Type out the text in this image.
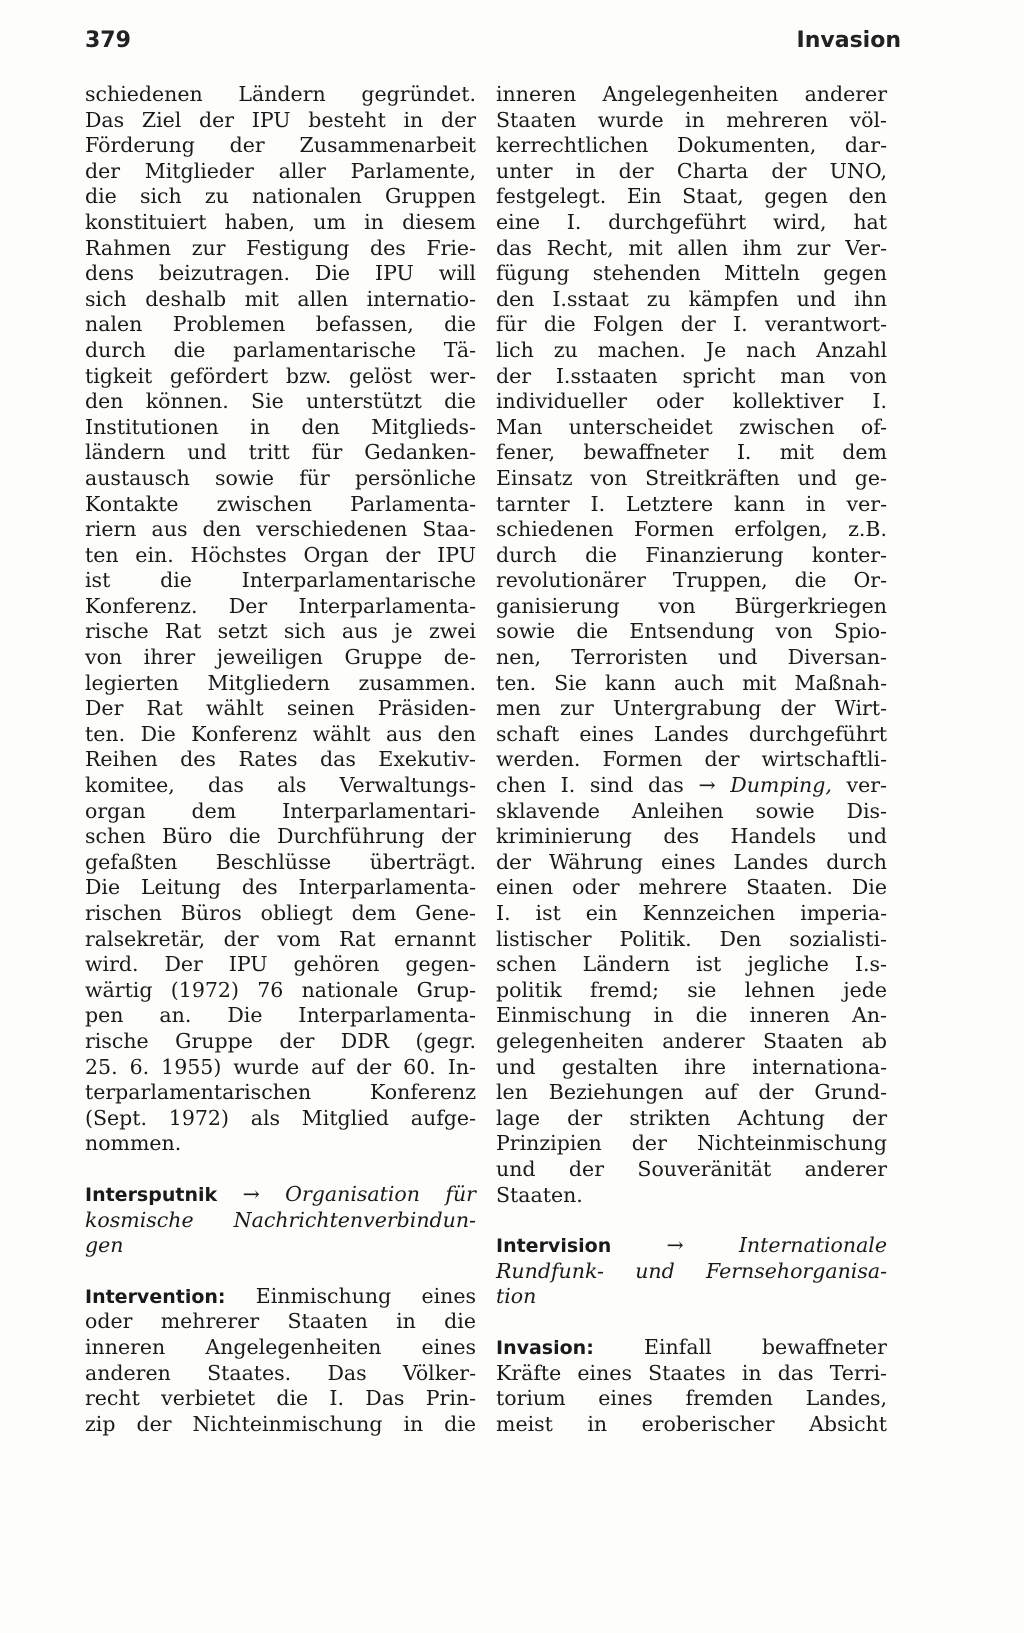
379	Invasion
schiedenen Ländern gegründet.
Das Ziel der IPU besteht in der
Förderung der Zusammenarbeit
der Mitglieder aller Parlamente,
die sich zu nationalen Gruppen
konstituiert haben, um in diesem
Rahmen zur Festigung des Frie-
dens beizutragen. Die IPU will
sich deshalb mit allen internatio-
nalen Problemen befassen, die
durch die parlamentarische Tä-
tigkeit gefördert bzw. gelöst wer-
den können. Sie unterstützt die
Institutionen in den Mitglieds-
ländern und tritt für Gedanken-
austausch sowie für persönliche
Kontakte zwischen Parlamenta-
riern aus den verschiedenen Staa-
ten ein. Höchstes Organ der IPU
ist die Interparlamentarische
Konferenz. Der Interparlamenta-
rische Rat setzt sich aus je zwei
von ihrer jeweiligen Gruppe de-
legierten Mitgliedern zusammen.
Der Rat wählt seinen Präsiden-
ten. Die Konferenz wählt aus den
Reihen des Rates das Exekutiv-
komitee, das als Verwaltungs-
organ dem Interparlamentari-
schen Büro die Durchführung der
gefaßten Beschlüsse überträgt.
Die Leitung des Interparlamenta-
rischen Büros obliegt dem Gene-
ralsekretär, der vom Rat ernannt
wird. Der IPU gehören gegen-
wärtig (1972) 76 nationale Grup-
pen an. Die Interparlamenta-
rische Gruppe der DDR (gegr.
25. 6. 1955) wurde auf der 60. In-
terparlamentarischen Konferenz
(Sept. 1972) als Mitglied aufge-
nommen.
Intersputnik → Organisation für
kosmische Nachrichtenverbindun-
gen
Intervention: Einmischung eines
oder mehrerer Staaten in die
inneren Angelegenheiten eines
anderen Staates. Das Völker-
recht verbietet die I. Das Prin-
zip der Nichteinmischung in die
inneren Angelegenheiten anderer
Staaten wurde in mehreren völ-
kerrechtlichen Dokumenten, dar-
unter in der Charta der UNO,
festgelegt. Ein Staat, gegen den
eine I. durchgeführt wird, hat
das Recht, mit allen ihm zur Ver-
fügung stehenden Mitteln gegen
den I.sstaat zu kämpfen und ihn
für die Folgen der I. verantwort-
lich zu machen. Je nach Anzahl
der I.sstaaten spricht man von
individueller oder kollektiver I.
Man unterscheidet zwischen of-
fener, bewaffneter I. mit dem
Einsatz von Streitkräften und ge-
tarnter I. Letztere kann in ver-
schiedenen Formen erfolgen, z.B.
durch die Finanzierung konter-
revolutionärer Truppen, die Or-
ganisierung von Bürgerkriegen
sowie die Entsendung von Spio-
nen, Terroristen und Diversan-
ten. Sie kann auch mit Maßnah-
men zur Untergrabung der Wirt-
schaft eines Landes durchgeführt
werden. Formen der wirtschaftli-
chen I. sind das → Dumping, ver-
sklavende Anleihen sowie Dis-
kriminierung des Handels und
der Währung eines Landes durch
einen oder mehrere Staaten. Die
I. ist ein Kennzeichen imperia-
listischer Politik. Den sozialisti-
schen Ländern ist jegliche I.s-
politik fremd; sie lehnen jede
Einmischung in die inneren An-
gelegenheiten anderer Staaten ab
und gestalten ihre internationa-
len Beziehungen auf der Grund-
lage der strikten Achtung der
Prinzipien der Nichteinmischung
und der Souveränität anderer
Staaten.
Intervision	→	Internationale
Rundfunk- und Fernsehorganisa-
tion
Invasion: Einfall bewaffneter
Kräfte eines Staates in das Terri-
torium eines fremden Landes,
meist in eroberischer Absicht
